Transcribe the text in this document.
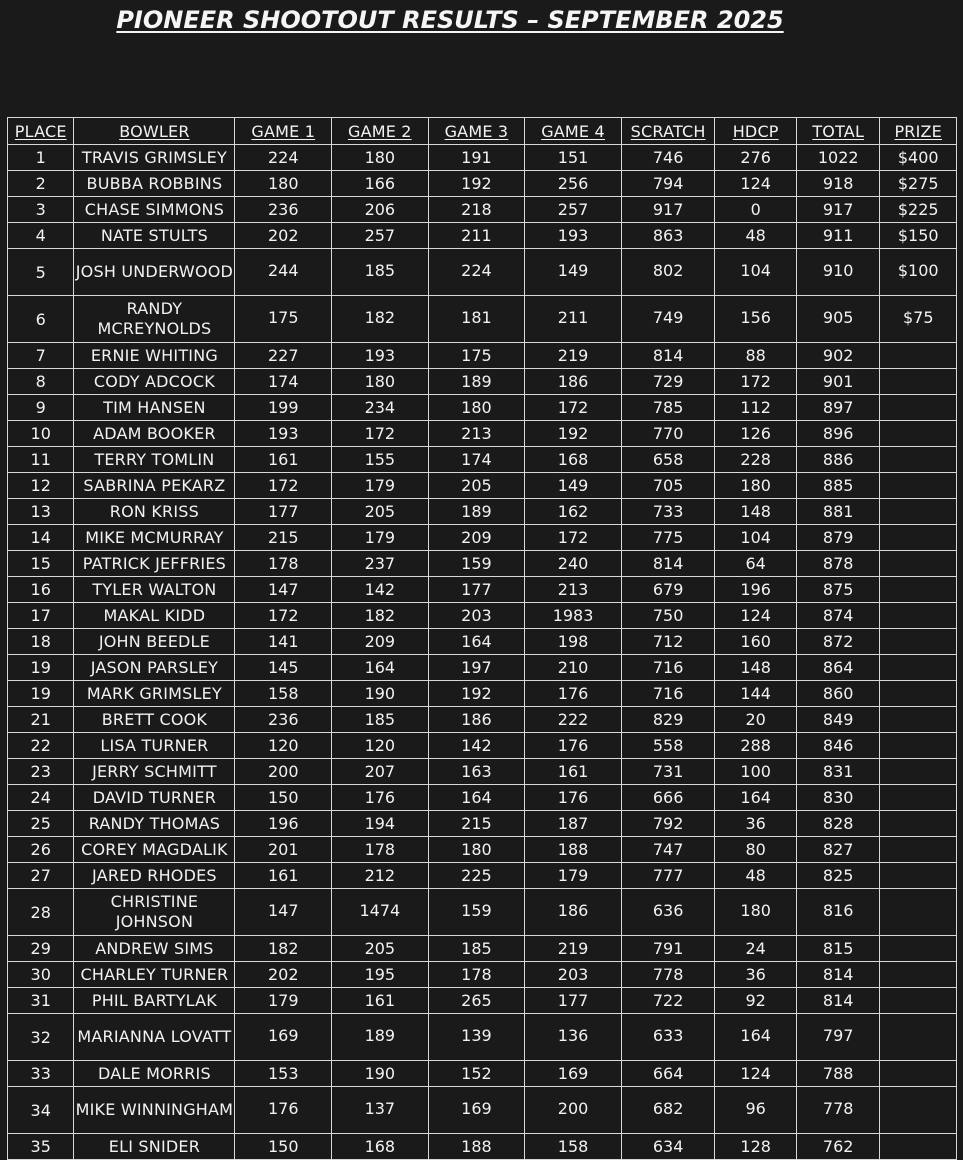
PIONEER SHOOTOUT RESULTS – SEPTEMBER 2025
PLACE	BOWLER	GAME 1	GAME 2	GAME 3	GAME 4	SCRATCH	HDCP	TOTAL	PRIZE
1	TRAVIS GRIMSLEY	224	180	191	151	746	276	1022	$400
2	BUBBA ROBBINS	180	166	192	256	794	124	918	$275
3	CHASE SIMMONS	236	206	218	257	917	0	917	$225
4	NATE STULTS	202	257	211	193	863	48	911	$150
5	JOSH UNDERWOOD	244	185	224	149	802	104	910	$100
6	RANDY MCREYNOLDS	175	182	181	211	749	156	905	$75
7	ERNIE WHITING	227	193	175	219	814	88	902	
8	CODY ADCOCK	174	180	189	186	729	172	901	
9	TIM HANSEN	199	234	180	172	785	112	897	
10	ADAM BOOKER	193	172	213	192	770	126	896	
11	TERRY TOMLIN	161	155	174	168	658	228	886	
12	SABRINA PEKARZ	172	179	205	149	705	180	885	
13	RON KRISS	177	205	189	162	733	148	881	
14	MIKE MCMURRAY	215	179	209	172	775	104	879	
15	PATRICK JEFFRIES	178	237	159	240	814	64	878	
16	TYLER WALTON	147	142	177	213	679	196	875	
17	MAKAL KIDD	172	182	203	1983	750	124	874	
18	JOHN BEEDLE	141	209	164	198	712	160	872	
19	JASON PARSLEY	145	164	197	210	716	148	864	
19	MARK GRIMSLEY	158	190	192	176	716	144	860	
21	BRETT COOK	236	185	186	222	829	20	849	
22	LISA TURNER	120	120	142	176	558	288	846	
23	JERRY SCHMITT	200	207	163	161	731	100	831	
24	DAVID TURNER	150	176	164	176	666	164	830	
25	RANDY THOMAS	196	194	215	187	792	36	828	
26	COREY MAGDALIK	201	178	180	188	747	80	827	
27	JARED RHODES	161	212	225	179	777	48	825	
28	CHRISTINE JOHNSON	147	1474	159	186	636	180	816	
29	ANDREW SIMS	182	205	185	219	791	24	815	
30	CHARLEY TURNER	202	195	178	203	778	36	814	
31	PHIL BARTYLAK	179	161	265	177	722	92	814	
32	MARIANNA LOVATT	169	189	139	136	633	164	797	
33	DALE MORRIS	153	190	152	169	664	124	788	
34	MIKE WINNINGHAM	176	137	169	200	682	96	778	
35	ELI SNIDER	150	168	188	158	634	128	762	
